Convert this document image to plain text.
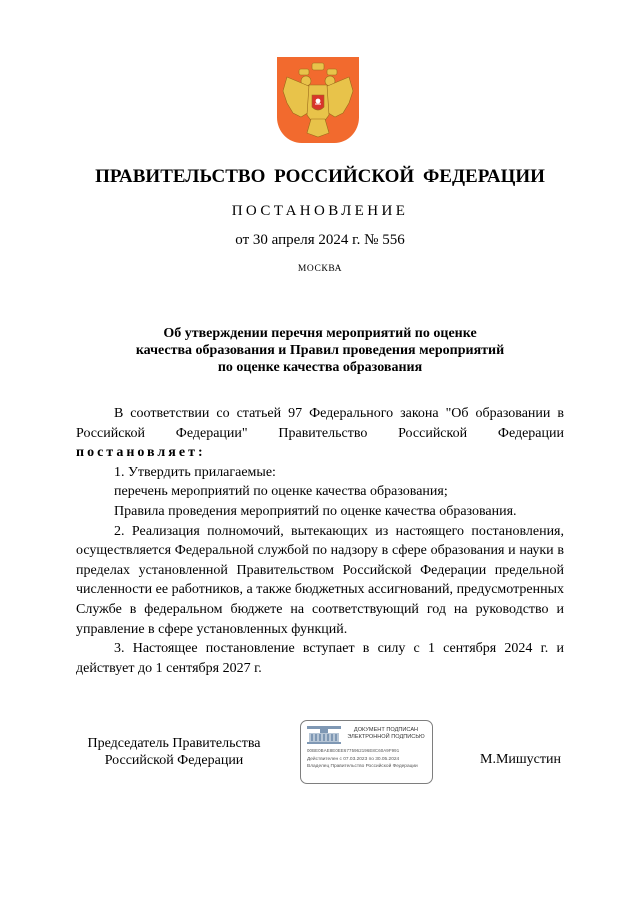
ПРАВИТЕЛЬСТВО РОССИЙСКОЙ ФЕДЕРАЦИИ
ПОСТАНОВЛЕНИЕ
от 30 апреля 2024 г. № 556
МОСКВА
Об утверждении перечня мероприятий по оценке
качества образования и Правил проведения мероприятий
по оценке качества образования

В соответствии со статьей 97 Федерального закона "Об образовании в Российской Федерации" Правительство Российской Федерации постановляет:

1. Утвердить прилагаемые:

перечень мероприятий по оценке качества образования;

Правила проведения мероприятий по оценке качества образования.

2. Реализация полномочий, вытекающих из настоящего постановления, осуществляется Федеральной службой по надзору в сфере образования и науки в пределах установленной Правительством Российской Федерации предельной численности ее работников, а также бюджетных ассигнований, предусмотренных Службе в федеральном бюджете на соответствующий год на руководство и управление в сфере установленных функций.

3. Настоящее постановление вступает в силу с 1 сентября 2024 г. и действует до 1 сентября 2027 г.

Председатель Правительства
Российской Федерации
ДОКУМЕНТ ПОДПИСАН
ЭЛЕКТРОННОЙ ПОДПИСЬЮ
00BE0BAE8E0EE6775962196E8C60A9F991
Действителен с 07.03.2023 по 30.05.2024
Владелец Правительство Российской Федерации	М.Мишустин
